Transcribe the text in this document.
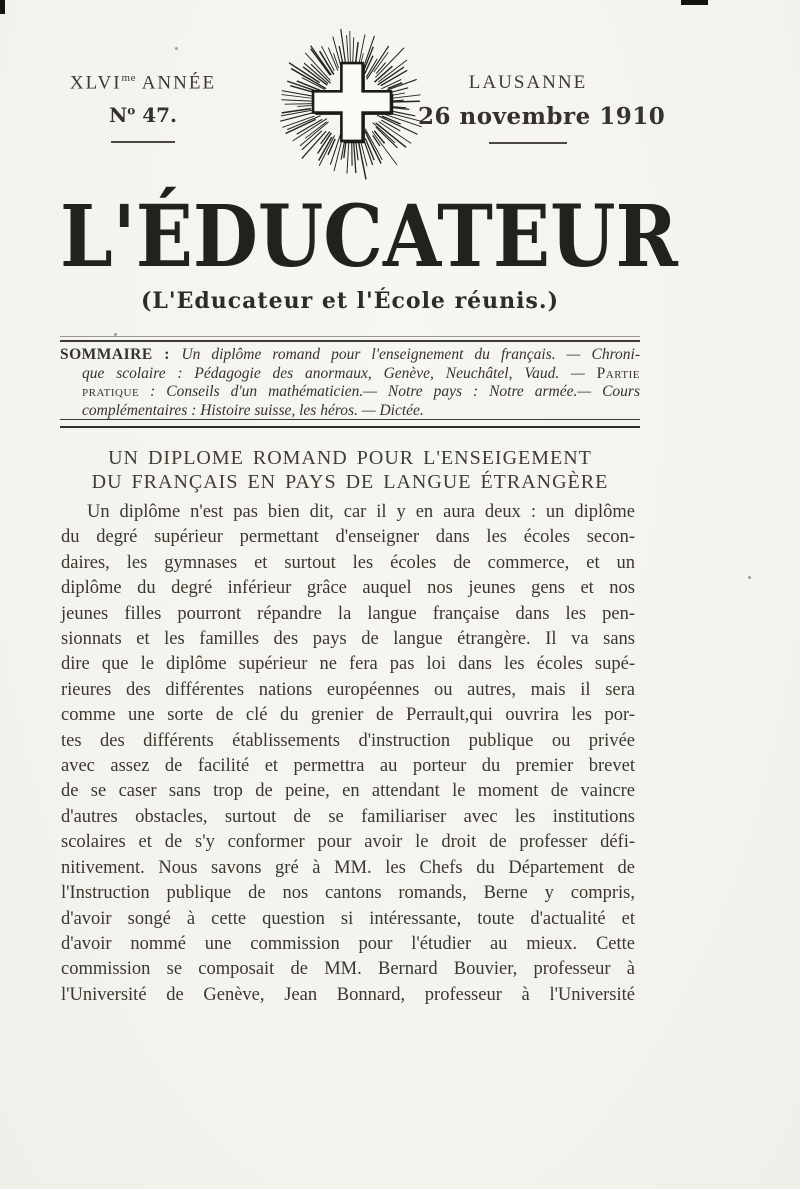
$XLVI^{me}$ ANNÉE
$N^o$ 47.
LAUSANNE
26 novembre 1910
L'ÉDUCATEUR
(L'Educateur et l'École réunis.)
SOMMAIRE : Un diplôme romand pour l'enseignement du français. — Chroni-
que scolaire : Pédagogie des anormaux, Genève, Neuchâtel, Vaud. — Partie
pratique : Conseils d'un mathématicien.— Notre pays : Notre armée.— Cours
complémentaires : Histoire suisse, les héros. — Dictée.
UN DIPLOME ROMAND POUR L'ENSEIGEMENT
DU FRANÇAIS EN PAYS DE LANGUE ÉTRANGÈRE
Un diplôme n'est pas bien dit, car il y en aura deux : un diplôme
du degré supérieur permettant d'enseigner dans les écoles secon-
daires, les gymnases et surtout les écoles de commerce, et un
diplôme du degré inférieur grâce auquel nos jeunes gens et nos
jeunes filles pourront répandre la langue française dans les pen-
sionnats et les familles des pays de langue étrangère. Il va sans
dire que le diplôme supérieur ne fera pas loi dans les écoles supé-
rieures des différentes nations européennes ou autres, mais il sera
comme une sorte de clé du grenier de Perrault,qui ouvrira les por-
tes des différents établissements d'instruction publique ou privée
avec assez de facilité et permettra au porteur du premier brevet
de se caser sans trop de peine, en attendant le moment de vaincre
d'autres obstacles, surtout de se familiariser avec les institutions
scolaires et de s'y conformer pour avoir le droit de professer défi-
nitivement. Nous savons gré à MM. les Chefs du Département de
l'Instruction publique de nos cantons romands, Berne y compris,
d'avoir songé à cette question si intéressante, toute d'actualité et
d'avoir nommé une commission pour l'étudier au mieux. Cette
commission se composait de MM. Bernard Bouvier, professeur à
l'Université de Genève, Jean Bonnard, professeur à l'Université
